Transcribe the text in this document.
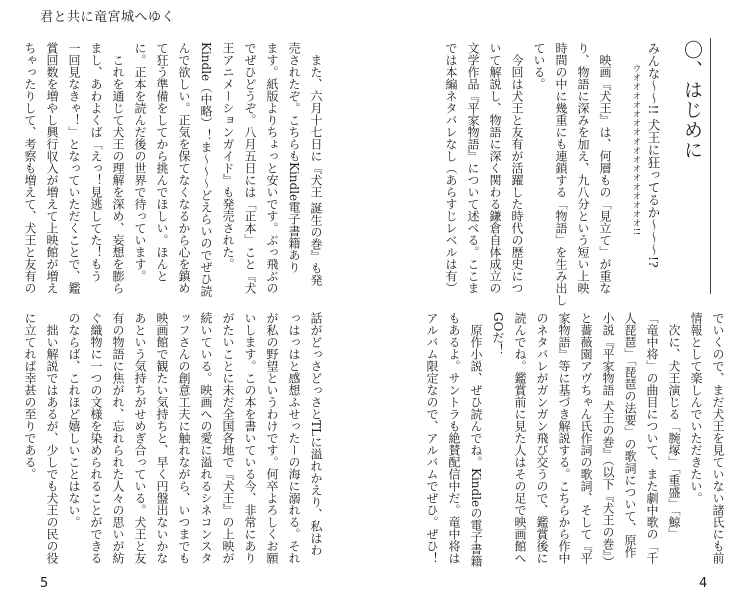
君と共に竜宮城へゆく
〇、はじめに
みんな〜〜!! 犬王に狂ってるか〜〜〜!?
ウオオオオオオオオオオオオオオオオオ!!
映画『犬王』は、何層もの「見立て」が重な
り、物語に深みを加え、九八分という短い上映
時間の中に幾重にも連鎖する「物語」を生み出し
ている。
今回は犬王と友有が活躍した時代の歴史につ
いて解説し、物語に深く関わる鎌倉自体成立の
文学作品『平家物語』について述べる。ここま
では本編ネタバレなし（あらすじレベルは有）
でいくので、まだ犬王を見ていない諸氏にも前
情報として楽しんでいただきたい。
次に、犬王演じる「腕塚」「重盛」「鯨」
「竜中将」の曲目について、また劇中歌の「千
人琵琶」「琵琶の法要」の歌詞について、原作
小説『平家物語 犬王の巻』（以下『犬王の巻』）
と薔薇園アヴちゃん氏作詞の歌詞、そして『平
家物語』等に基づき解説する。こちらから作中
のネタバレがガンガン飛び交うので、鑑賞後に
読んでね。鑑賞前に見た人はその足で映画館へ
GOだ！
原作小説、ぜひ読んでね。Kindleの電子書籍
もあるよ。サントラも絶賛配信中だ。竜中将は
アルバム限定なので、アルバムでぜひ。ぜひ！
4
また、六月十七日に『犬王 誕生の巻』も発
売されたぞ。こちらもKindle電子書籍あり
ます。紙版よりちょっと安いです。ぶっ飛ぶの
でぜひどうぞ。八月五日には「正本」こと『犬
王アニメーションガイド』も発売された。
Kindle（中略）！ま〜〜〜どえらいのでぜひ読
んで欲しい。正気を保てなくなるから心を鎮め
て狂う準備をしてから挑んでほしい。ほんと
に。正本を読んだ後の世界で待っています。
これを通じて犬王の理解を深め、妄想を膨ら
まし、あわよくば「えっ！見逃してた！もう
一回見なきゃ！」となっていただくことで、鑑
賞回数を増やし興行収入が増えて上映館が増え
ちゃったりして、考察も増えて、犬王と友有の
話がどっさどっさとTLに溢れかえり、私はわ
っはっはと感想ふせったーの海に溺れる。それ
が私の野望というわけです。何卒よろしくお願
いします。この本を書いている今、非常にあり
がたいことに未だ全国各地で『犬王』の上映が
続いている。映画への愛に溢れるシネコンスタ
ッフさんの創意工夫に触れながら、いつまでも
映画館で観たい気持ちと、早く円盤出ないかな
あという気持ちがせめぎ合っている。犬王と友
有の物語に焦がれ、忘れられた人々の思いが紡
ぐ織物に一つの文様を染められることができる
のならば、これほど嬉しいことはない。
拙い解説ではあるが、少しでも犬王の民の役
に立てれば幸甚の至りである。
5
